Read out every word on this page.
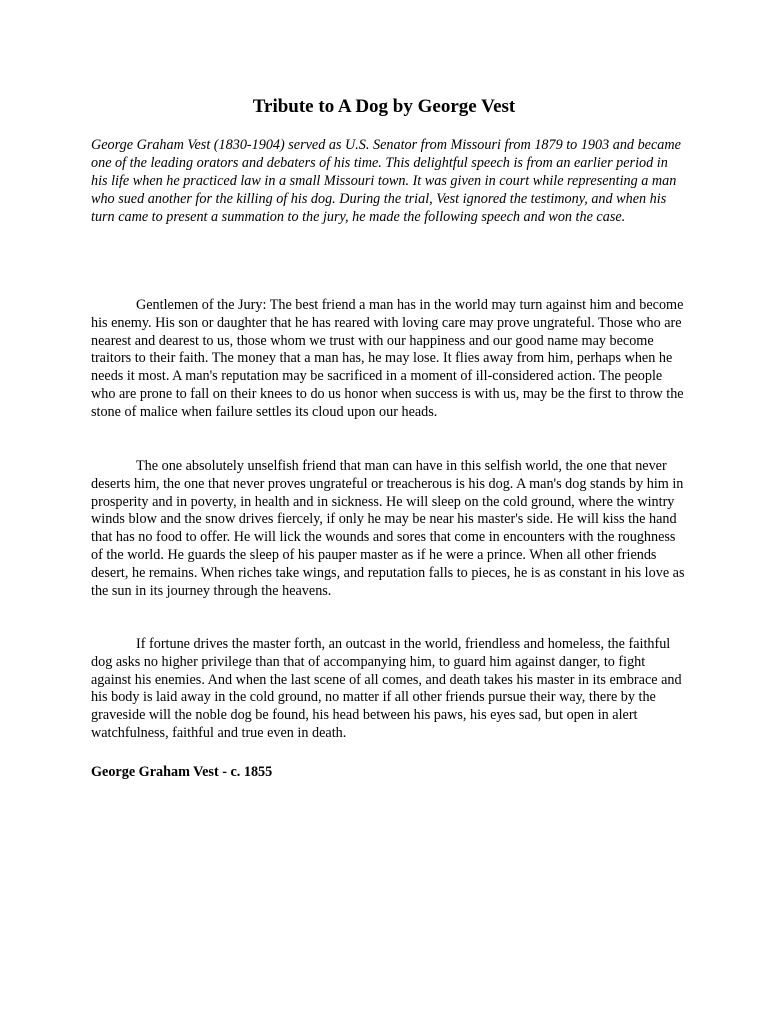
Tribute to A Dog by George Vest
George Graham Vest (1830-1904) served as U.S. Senator from Missouri from 1879 to 1903 and became one of the leading orators and debaters of his time. This delightful speech is from an earlier period in his life when he practiced law in a small Missouri town. It was given in court while representing a man who sued another for the killing of his dog. During the trial, Vest ignored the testimony, and when his turn came to present a summation to the jury, he made the following speech and won the case.
Gentlemen of the Jury: The best friend a man has in the world may turn against him and become his enemy. His son or daughter that he has reared with loving care may prove ungrateful. Those who are nearest and dearest to us, those whom we trust with our happiness and our good name may become traitors to their faith. The money that a man has, he may lose. It flies away from him, perhaps when he needs it most. A man's reputation may be sacrificed in a moment of ill-considered action. The people who are prone to fall on their knees to do us honor when success is with us, may be the first to throw the stone of malice when failure settles its cloud upon our heads.
The one absolutely unselfish friend that man can have in this selfish world, the one that never deserts him, the one that never proves ungrateful or treacherous is his dog. A man's dog stands by him in prosperity and in poverty, in health and in sickness. He will sleep on the cold ground, where the wintry winds blow and the snow drives fiercely, if only he may be near his master's side. He will kiss the hand that has no food to offer. He will lick the wounds and sores that come in encounters with the roughness of the world. He guards the sleep of his pauper master as if he were a prince. When all other friends desert, he remains. When riches take wings, and reputation falls to pieces, he is as constant in his love as the sun in its journey through the heavens.
If fortune drives the master forth, an outcast in the world, friendless and homeless, the faithful dog asks no higher privilege than that of accompanying him, to guard him against danger, to fight against his enemies. And when the last scene of all comes, and death takes his master in its embrace and his body is laid away in the cold ground, no matter if all other friends pursue their way, there by the graveside will the noble dog be found, his head between his paws, his eyes sad, but open in alert watchfulness, faithful and true even in death.
George Graham Vest - c. 1855
